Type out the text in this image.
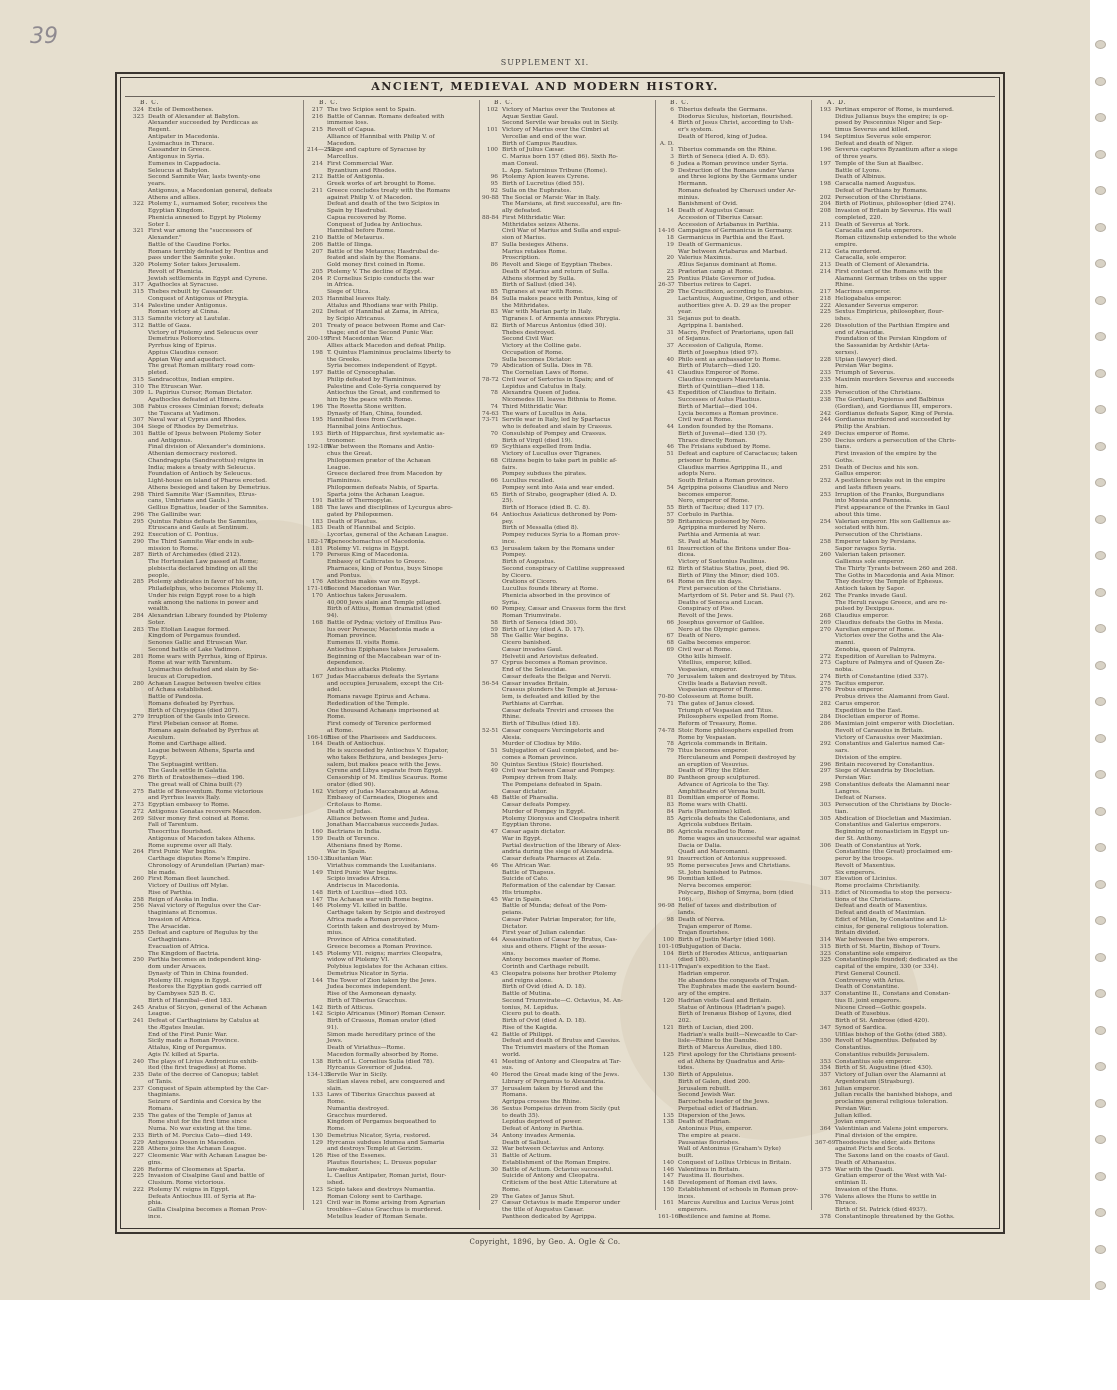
39
SUPPLEMENT XI.
ANCIENT, MEDIEVAL AND MODERN HISTORY.
B. C.
324 Exile of Demosthenes.
323 Death of Alexander at Babylon.
Alexander succeeded by Perdiccas as
Regent.
Antipater in Macedonia.
Lysimachus in Thrace.
Cassander in Greece.
Antigonus in Syria.
Eumenes in Cappadocia.
Seleucus at Babylon.
Second Samnite War, lasts twenty-one
years.
Antigonus, a Macedonian general, defeats
Athens and allies.
322 Ptolemy I., surnamed Soter, receives the
Egyptian Kingdom.
Phenicia annexed to Egypt by Ptolemy
Soter I.
321 First war among the "successors of
Alexander."
Battle of the Caudine Forks.
Romans terribly defeated by Pontius and
pass under the Samnite yoke.
320 Ptolemy Soter takes Jerusalem.
Revolt of Phenicia.
Jewish settlements in Egypt and Cyrene.
317 Agathocles at Syracuse.
315 Thebes rebuilt by Cassander.
Conquest of Antigonus of Phrygia.
314 Palestine under Antigonus.
Roman victory at Cinna.
313 Samnite victory at Lautulæ.
312 Battle of Gaza.
Victory of Ptolemy and Seleucus over
Demetrius Poliorcetes.
Pyrrhus king of Epirus.
Appius Claudius censor.
Appian Way and aqueduct.
The great Roman military road com-
pleted.
315 Sandracottus, Indian empire.
310 The Etruscan War.
309 L. Papirius Cursor, Roman Dictator.
Agathocles defeated at Himera.
308 Fabius crosses Ciminian forest; defeats
the Tuscans at Vadimon.
307 Naval war at Cyprus and Rhodes.
304 Siege of Rhodes by Demetrius.
301 Battle of Ipsus between Ptolemy Soter
and Antigonus.
Final division of Alexander's dominions.
Athenian democracy restored.
Chandragupta (Sandracottus) reigns in
India; makes a treaty with Seleucus.
Foundation of Antioch by Seleucus.
Light-house on island of Pharos erected.
Athens besieged and taken by Demetrius.
298 Third Samnite War (Samnites, Etrus-
cans, Umbrians and Gauls.)
Gellius Egnatius, leader of the Samnites.
296 The Gallinibe war.
295 Quintus Fabius defeats the Samnites,
Etruscans and Gauls at Sentinum.
292 Execution of C. Pontius.
290 The Third Samnite War ends in sub-
mission to Rome.
287 Birth of Archimedes (died 212).
The Hortensian Law passed at Rome;
plebiscita declared binding on all the
people.
285 Ptolemy abdicates in favor of his son,
Philadelphus, who becomes Ptolemy II.
Under his reign Egypt rose to a high
rank among the nations in power and
wealth.
284 Alexandrian Library founded by Ptolemy
Soter.
283 The Etolian League formed.
Kingdom of Pergamus founded.
Senones Gallic and Etruscan War.
Second battle of Lake Vadimon.
281 Rome wars with Pyrrhus, king of Epirus.
Rome at war with Tarentum.
Lysimachus defeated and slain by Se-
leucus at Corupedion.
280 Achæan League between twelve cities
of Achæa established.
Battle of Pandosia.
Romans defeated by Pyrrhus.
Birth of Chrysippus (died 207).
279 Irruption of the Gauls into Greece.
First Plebeian censor at Rome.
Romans again defeated by Pyrrhus at
Asculum.
Rome and Carthage allied.
League between Athens, Sparta and
Egypt.
The Septuagint written.
The Gauls settle in Galatia.
276 Birth of Eratosthenes—died 196.
The great wall of China built (?)
275 Battle of Beneventum. Rome victorious
and Pyrrhus leaves Italy.
273 Egyptian embassy to Rome.
272 Antigonus Gonatas recovers Macedon.
269 Silver money first coined at Rome.
Fall of Tarentum.
Theocritus flourished.
Antigonus of Macedon takes Athens.
Rome supreme over all Italy.
264 First Punic War begins.
Carthage disputes Rome's Empire.
Chronology of Arundelian (Parian) mar-
ble made.
260 First Roman fleet launched.
Victory of Duilius off Mylæ.
Rise of Parthia.
258 Reign of Asoka in India.
256 Naval victory of Regulus over the Car-
thaginians at Ecnomus.
Invasion of Africa.
The Arsacidæ.
255 Defeat and capture of Regulus by the
Carthaginians.
Evacuation of Africa.
The Kingdom of Bactria.
250 Parthia becomes an independent king-
dom under Arsaces.
Dynasty of Thin in China founded.
Ptolemy III. reigns in Egypt.
Restores the Egyptian gods carried off
by Cambyses 525 B. C.
Birth of Hannibal—died 183.
245 Aratus of Sicyon, general of the Achæan
League.
241 Defeat of Carthaginians by Catulus at
the Ægates Insulæ.
End of the First Punic War.
Sicily made a Roman Province.
Attalus, King of Pergamus.
Agis IV. killed at Sparta.
240 The plays of Livius Andronicus exhib-
ited (the first tragedies) at Rome.
235 Date of the decree of Canopus; tablet
of Tanis.
237 Conquest of Spain attempted by the Car-
thaginians.
Seizure of Sardinia and Corsica by the
Romans.
235 The gates of the Temple of Janus at
Rome shut for the first time since
Numa. No war existing at the time.
233 Birth of M. Porcius Cato—died 149.
229 Antigonus Doson in Macedon.
228 Athens joins the Achæan League.
227 Cleomenic War with Achæan League be-
gins.
226 Reforms of Cleomenes at Sparta.
225 Invasion of Cisalpine Gaul and battle of
Clusium. Rome victorious.
222 Ptolemy IV. reigns in Egypt.
Defeats Antiochus III. of Syria at Ra-
phia.
Gallia Cisalpina becomes a Roman Prov-
ince.
B. C.
217 The two Scipios sent to Spain.
216 Battle of Cannæ. Romans defeated with
immense loss.
215 Revolt of Capua.
Alliance of Hannibal with Philip V. of
Macedon.
214—212Siege and capture of Syracuse by
Marcellus.
214 First Commercial War.
Byzantium and Rhodes.
212 Battle of Antigonia.
Greek works of art brought to Rome.
211 Greece concludes treaty with the Romans
against Philip V. of Macedon.
Defeat and death of the two Scipios in
Spain by Hasdrubal.
Capua recovered by Rome.
Conquest of Judea by Antiochus.
Hannibal before Rome.
210 Battle of Metaurus.
206 Battle of Ilinga.
207 Battle of the Metaurus; Hasdrubal de-
feated and slain by the Romans.
Gold money first coined in Rome.
205 Ptolemy V. The decline of Egypt.
204 P. Cornelius Scipio conducts the war
in Africa.
Siege of Utica.
203 Hannibal leaves Italy.
Attalus and Rhodians war with Philip.
202 Defeat of Hannibal at Zama, in Africa,
by Scipio Africanus.
201 Treaty of peace between Rome and Car-
thage; end of the Second Punic War.
200-197First Macedonian War.
Allies attack Macedon and defeat Philip.
198 T. Quintus Flamininus proclaims liberty to
the Greeks.
Syria becomes independent of Egypt.
197 Battle of Cynocephalæ.
Philip defeated by Flamininus.
Palestine and Cole-Syria conquered by
Antiochus the Great, and confirmed to
him by the peace with Rome.
196 The Rosetta Stone written.
Dynasty of Han, China, founded.
195 Hannibal flees from Carthage.
Hannibal joins Antiochus.
193 Birth of Hipparchus, first systematic as-
tronomer.
192-188War between the Romans and Antio-
chus the Great.
Philopœmen prætor of the Achæan
League.
Greece declared free from Macedon by
Flamininus.
Philopœmen defeats Nabis, of Sparta.
Sparta joins the Achæan League.
191 Battle of Thermopylæ.
188 The laws and disciplines of Lycurgus abro-
gated by Philopœmen.
183 Death of Plautus.
183 Death of Hannibal and Scipio.
Lycortas, general of the Achæan League.
182-174Epeneochomachus of Macedonia.
181 Ptolemy VI. reigns in Egypt.
179 Perseus King of Macedonia.
Embassy of Callicrates to Greece.
Pharnaces, king of Pontus, buys Sinope
and Pontus.
176 Antiochus makes war on Egypt.
171-168Second Macedonian War.
170 Antiochus takes Jerusalem.
40,000 Jews slain and Temple pillaged.
Birth of Attius, Roman dramatist (died
94).
168 Battle of Pydna; victory of Emilius Pau-
lus over Perseus; Macedonia made a
Roman province.
Eumenes II. visits Rome.
Antiochus Epiphanes takes Jerusalem.
Beginning of the Maccabean war of in-
dependence.
Antiochus attacks Ptolemy.
167 Judas Maccabæus defeats the Syrians
and occupies Jerusalem, except the Cit-
adel.
Romans ravage Epirus and Achæa.
Rededication of the Temple.
One thousand Achæans imprisoned at
Rome.
First comedy of Terence performed
at Rome.
166-165Rise of the Pharisees and Sadducees.
164 Death of Antiochus.
He is succeeded by Antiochus V. Eupator,
who takes Bethzura, and besieges Jeru-
salem, but makes peace with the Jews.
Cyrene and Libya separate from Egypt.
Censorship of M. Emilius Scaurus. Rome
orator (died 90).
162 Victory of Judas Maccabæus at Adosa.
Embassy of Carneades, Diogenes and
Critolaus to Rome.
Death of Judas.
Alliance between Rome and Judea.
Jonathan Maccabæus succeeds Judas.
160 Bactrians in India.
159 Death of Terence.
Athenians fined by Rome.
War in Spain.
150-138Lusitanian War.
Viriathus commands the Lusitanians.
149 Third Punic War begins.
Scipio invades Africa.
Andriscus in Macedonia.
148 Birth of Lucilius—died 103.
147 The Achæan war with Rome begins.
146 Ptolemy VI. killed in battle.
Carthage taken by Scipio and destroyed
Africa made a Roman province.
Corinth taken and destroyed by Mum-
mius.
Province of Africa constituted.
Greece becomes a Roman Province.
145 Ptolemy VII. reigns; marries Cleopatra,
widow of Ptolemy VI.
Polybius legislates for the Achæan cities.
Demetrius Nicator in Syria.
144 The Tower of Zion taken by the Jews.
Judea becomes independent.
Rise of the Asmonean dynasty.
Birth of Tiberius Gracchus.
142 Birth of Atticus.
142 Scipio Africanus (Minor) Roman Censor.
Birth of Crassus, Roman orator (died
91).
Simon made hereditary prince of the
Jews.
Death of Viriathus—Rome.
Macedon formally absorbed by Rome.
138 Birth of L. Cornelius Sulla (died 78).
Hyrcanus Governor of Judea.
134-132Servile War in Sicily.
Sicilian slaves rebel, are conquered and
slain.
133 Laws of Tiberius Gracchus passed at
Rome.
Numantia destroyed.
Gracchus murdered.
Kingdom of Pergamus bequeathed to
Rome.
130 Demetrius Nicator, Syria, restored.
129 Hyrcanus subdues Idumea and Samaria
and destroys Temple at Gerizim.
126 Rise of the Essenes.
Plautus flourishes; L. Drusus popular
law-maker.
L. Caelius Antipater, Roman jurist, flour-
ished.
123 Scipio takes and destroys Numantia.
Roman Colony sent to Carthage.
121 Civil war in Rome arising from Agrarian
troubles—Caius Gracchus is murdered.
Metellus leader of Roman Senate.
B. C.
102 Victory of Marius over the Teutones at
Aquæ Sextiæ Gaul.
Second Servile war breaks out in Sicily.
101 Victory of Marius over the Cimbri at
Vercellæ and end of the war.
Birth of Campus Raudius.
100 Birth of Julius Cæsar.
C. Marius born 157 (died 86). Sixth Ro-
man Consul.
L. App. Saturninus Tribune (Rome).
96 Ptolemy Apion leaves Cyrene.
95 Birth of Lucretius (died 55).
92 Sulla on the Euphrates.
90-88 The Social or Marsic War in Italy.
The Marsians, at first successful, are fin-
ally defeated.
88-84 First Mithridatic War.
Mithridates seizes Athens.
Civil War of Marius and Sulla and expul-
sion of Marius.
87 Sulla besieges Athens.
Marius retakes Rome.
Proscription.
86 Revolt and Siege of Egyptian Thebes.
Death of Marius and return of Sulla.
Athens stormed by Sulla.
Birth of Sallust (died 34).
85 Tigranes at war with Rome.
84 Sulla makes peace with Pontus, king of
the Mithridates.
83 War with Marian party in Italy.
Tigranes I. of Armenia annexes Phrygia.
82 Birth of Marcus Antonius (died 30).
Thebes destroyed.
Second Civil War.
Victory at the Colline gate.
Occupation of Rome.
Sulla becomes Dictator.
79 Abdication of Sulla. Dies in 78.
The Cornelian Laws of Rome.
78-72 Civil war of Sertorius in Spain; and of
Lepidus and Catulus in Italy.
78 Alexandra Queen of Judea.
Nicomedes III. leaves Bithnia to Rome.
74 Third Mithridatic War.
74-63 The wars of Lucullus in Asia.
73-71 Servile war in Italy, led by Spartacus
who is defeated and slain by Crassus.
70 Consulship of Pompey and Crassus.
Birth of Virgil (died 19).
69 Scythians expelled from India.
Victory of Lucullus over Tigranes.
68 Citizens begin to take part in public af-
fairs.
Pompey subdues the pirates.
66 Lucullus recalled.
Pompey sent into Asia and war ended.
65 Birth of Strabo, geographer (died A. D.
25).
Birth of Horace (died B. C. 8).
64 Antiochus Asiaticus dethroned by Pom-
pey.
Birth of Messalla (died 8).
Pompey reduces Syria to a Roman prov-
ince.
63 Jerusalem taken by the Romans under
Pompey.
Birth of Augustus.
Second conspiracy of Catiline suppressed
by Cicero.
Orations of Cicero.
Lucullus founds library at Rome.
Phenicia absorbed in the province of
Syria.
60 Pompey, Cæsar and Crassus form the first
Roman Triumvirate.
58 Birth of Seneca (died 30).
59 Birth of Livy (died A. D. 17).
58 The Gallic War begins.
Cicero banished.
Cæsar invades Gaul.
Helvetii and Ariovistus defeated.
57 Cyprus becomes a Roman province.
End of the Seleucidæ.
Cæsar defeats the Belgæ and Nervii.
56-54 Cæsar invades Britain.
Crassus plunders the Temple at Jerusa-
lem, is defeated and killed by the
Parthians at Carrhæ.
Cæsar defeats Trevirí and crosses the
Rhine.
Birth of Tibullus (died 18).
52-51 Cæsar conquers Vercingetorix and
Alesia.
Murder of Clodius by Milo.
51 Subjugation of Gaul completed, and be-
comes a Roman province.
50 Quintus Sextius (Stoic) flourished.
49 Civil war between Cæsar and Pompey.
Pompey driven from Italy.
The Pompeians defeated in Spain.
Cæsar dictator.
48 Battle of Pharsalia.
Cæsar defeats Pompey.
Murder of Pompey in Egypt.
Ptolemy Dionysus and Cleopatra inherit
Egyptian throne.
47 Cæsar again dictator.
War in Egypt.
Partial destruction of the library of Alex-
andria during the siege of Alexandria.
Cæsar defeats Pharnaces at Zela.
46 The African War.
Battle of Thapsus.
Suicide of Cato.
Reformation of the calendar by Cæsar.
His triumphs.
45 War in Spain.
Battle of Munda; defeat of the Pom-
peians.
Cæsar Pater Patriæ Imperator, for life,
Dictator.
First year of Julian calendar.
44 Assassination of Cæsar by Brutus, Cas-
sius and others. Flight of the assas-
sins.
Antony becomes master of Rome.
Corinth and Carthage rebuilt.
43 Cleopatra poisons her brother Ptolemy
and reigns alone.
Birth of Ovid (died A. D. 18).
Battle of Mutina.
Second Triumvirate—C. Octavius, M. An-
tonius, M. Lepidus.
Cicero put to death.
Birth of Ovid (died A. D. 18).
Rise of the Kagida.
42 Battle of Philippi.
Defeat and death of Brutus and Cassius.
The Triumviri masters of the Roman
world.
41 Meeting of Antony and Cleopatra at Tar-
sus.
40 Herod the Great made king of the Jews.
Library of Pergamus to Alexandria.
37 Jerusalem taken by Herod and the
Romans.
Agrippa crosses the Rhine.
36 Sextus Pompeius driven from Sicily (put
to death 35).
Lepidus deprived of power.
Defeat of Antony in Parthia.
34 Antony invades Armenia.
Death of Sallust.
32 War between Octavius and Antony.
31 Battle of Actium.
Establishment of the Roman Empire.
30 Battle of Actium. Octavius successful.
Suicide of Antony and Cleopatra.
Criticism of the best Attic Literature at
Rome.
29 The Gates of Janus Shut.
27 Cæsar Octavius is made Emperor under
the title of Augustus Cæsar.
Pantheon dedicated by Agrippa.
B. C.
6 Tiberius defeats the Germans.
Diodorus Siculus, historian, flourished.
4 Birth of Jesus Christ, according to Ush-
er's system.
Death of Herod, king of Judea.
A. D.
1 Tiberius commands on the Rhine.
3 Birth of Seneca (died A. D. 65).
6 Judea a Roman province under Syria.
9 Destruction of the Romans under Varus
and three legions by the Germans under
Hermann.
Romans defeated by Cherusci under Ar-
minius.
Banishment of Ovid.
14 Death of Augustus Cæsar.
Accession of Tiberius Cæsar.
Accession of Artabanus in Parthia.
14-16 Campaigns of Germanicus in Germany.
18 Germanicus in Parthia and the East.
19 Death of Germanicus.
War between Artabarus and Marbad.
20 Valerius Maximus.
Ælius Sejanus dominant at Rome.
23 Prætorian camp at Rome.
25 Pontius Pilate Governor of Judea.
26-37 Tiberius retires to Capri.
29 The Crucifixion, according to Eusebius.
Lactantius, Augustine, Origen, and other
authorities give A. D. 29 as the proper
year.
31 Sejanus put to death.
Agrippina I. banished.
31 Macro, Prefect of Prætorians, upon fall
of Sejanus.
37 Accession of Caligula, Rome.
Birth of Josephus (died 97).
40 Philo sent as ambassador to Rome.
Birth of Plutarch—died 120.
41 Claudius Emperor of Rome.
Claudius conquers Mauretania.
Birth of Quintilian—died 118.
43 Expedition of Claudius to Britain.
Successes of Aulus Plautius.
Birth of Martial—died 104.
Lycia becomes a Roman province.
Civil war at Rome.
44 London founded by the Romans.
Birth of Juvenal—died 130 (?).
Thrace directly Roman.
46 The Frisians subdued by Rome.
51 Defeat and capture of Caractacus; taken
prisoner to Rome.
Claudius marries Agrippina II., and
adopts Nero.
South Britain a Roman province.
54 Agrippina poisons Claudius and Nero
becomes emperor.
Nero, emperor of Rome.
55 Birth of Tacitus; died 117 (?).
57 Corbulo in Parthia.
59 Britannicus poisoned by Nero.
Agrippina murdered by Nero.
Parthia and Armenia at war.
St. Paul at Malta.
61 Insurrection of the Britons under Boa-
dicea.
Victory of Suetonius Paulinus.
62 Birth of Statius Statius, poet, died 96.
Birth of Pliny the Minor; died 105.
64 Rome on fire six days.
First persecution of the Christians.
Martyrdom of St. Peter and St. Paul (?).
Deaths of Seneca and Lucan.
Conspiracy of Piso.
Revolt of the Jews.
66 Josephus governor of Galilee.
Nero at the Olympic games.
67 Death of Nero.
68 Galba becomes emperor.
69 Civil war at Rome.
Otho kills himself.
Vitellius, emperor, killed.
Vespasian, emperor.
70 Jerusalem taken and destroyed by Titus.
Civilis leads a Batavian revolt.
Vespasian emperor of Rome.
70-80 Colosseum at Rome built.
71 The gates of Janus closed.
Triumph of Vespasian and Titus.
Philosophers expelled from Rome.
Reform of Treasury, Rome.
74-78 Stoic Rome philosophers expelled from
Rome by Vespasian.
78 Agricola commands in Britain.
79 Titus becomes emperor.
Herculaneum and Pompeii destroyed by
an eruption of Vesuvius.
Death of Pliny the Elder.
80 Pantheon group sculptured.
Advance of Agricola to the Tay.
Amphitheatre of Verona built.
81 Domitian emperor of Rome.
83 Rome wars with Chatti.
84 Paris (Pantomime) killed.
85 Agricola defeats the Caledonians, and
Agricola subdues Britain.
86 Agricola recalled to Rome.
Rome wages an unsuccessful war against
Dacia or Dalia.
Quadi and Marcomanni.
91 Insurrection of Antonius suppressed.
95 Rome persecutes Jews and Christians.
St. John banished to Patmos.
96 Domitian killed.
Nerva becomes emperor.
Polycarp, Bishop of Smyrna, born (died
166).
96-98 Relief of taxes and distribution of
lands.
98 Death of Nerva.
Trajan emperor of Rome.
Trajan flourishes.
100 Birth of Justin Martyr (died 166).
101-107Subjugation of Dacia.
104 Birth of Herodes Atticus, antiquarian
(died 180).
111-117Trajan's expedition to the East.
Hadrian emperor.
He abandons the conquests of Trajan.
The Euphrates made the eastern bound-
ary of the empire.
120 Hadrian visits Gaul and Britain.
Statue of Antinous (Hadrian's page).
Birth of Irenæus Bishop of Lyons, died
202.
121 Birth of Lucian, died 200.
Hadrian's walls built—Newcastle to Car-
lisle—Rhine to the Danube.
Birth of Marcus Aurelius, died 180.
125 First apology for the Christians present-
ed at Athens by Quadratus and Aris-
tides.
130 Birth of Appuleius.
Birth of Galen, died 200.
Jerusalem rebuilt.
Second Jewish War.
Barcocheba leader of the Jews.
Perpetual edict of Hadrian.
135 Dispersion of the Jews.
138 Death of Hadrian.
Antoninus Pius, emperor.
The empire at peace.
Pausanias flourishes.
Wall of Antoninus (Graham's Dyke)
built.
140 Conquest of Lollius Urbicus in Britain.
146 Valentinus in Britain.
147 Faustina II. flourishes.
148 Development of Roman civil laws.
150 Establishment of schools in Roman prov-
inces.
161 Marcus Aurelius and Lucius Verus joint
emperors.
161-166Pestilence and famine at Rome.
A. D.
193 Pertinax emperor of Rome, is murdered.
Didius Julianus buys the empire; is op-
posed by Pescennius Niger and Sep-
timus Severus and killed.
194 Septimius Severus sole emperor.
Defeat and death of Niger.
196 Severus captures Byzantium after a siege
of three years.
197 Temple of the Sun at Baalbec.
Battle of Lyons.
Death of Albinus.
198 Caracalla named Augustus.
Defeat of Parthians by Romans.
202 Persecution of the Christians.
204 Birth of Plotinus, philosopher (died 274).
208 Invasion of Britain by Severus. His wall
completed, 220.
211 Death of Severus at York.
Caracalla and Geta emperors.
Roman citizenship extended to the whole
empire.
212 Geta murdered.
Caracalla, sole emperor.
213 Death of Clement of Alexandria.
214 First contact of the Romans with the
Alamanni German tribes on the upper
Rhine.
217 Macrinus emperor.
218 Heliogabalus emperor.
222 Alexander Severus emperor.
225 Sextus Empiricus, philosopher, flour-
ishes.
226 Dissolution of the Parthian Empire and
end of Arsacidæ.
Foundation of the Persian Kingdom of
the Sassanidæ by Ardshir (Arta-
xerxes).
228 Ulpian (lawyer) died.
Persian War begins.
233 Triumph of Severus.
235 Maximin murders Severus and succeeds
him.
235 Persecution of the Christians.
238 The Gordiani, Pupienus and Balbinus
(Gordian), and Gordianus III, emperors.
242 Gordianus defeats Sapor, King of Persia.
244 Gordianus murdered and succeeded by
Philip the Arabian.
249 Decius emperor of Rome.
250 Decius orders a persecution of the Chris-
tians.
First invasion of the empire by the
Goths.
251 Death of Decius and his son.
Gallus emperor.
252 A pestilence breaks out in the empire
and lasts fifteen years.
253 Irruption of the Franks, Burgundians
into Mœsia and Pannonia.
First appearance of the Franks in Gaul
about this time.
254 Valerian emperor. His son Gallienus as-
sociated with him.
Persecution of the Christians.
258 Emperor taken by Persians.
Sapor ravages Syria.
260 Valerian taken prisoner.
Gallienus sole emperor.
The Thirty Tyrants between 260 and 268.
The Goths in Macedonia and Asia Minor.
They destroy the Temple of Ephesus.
Antioch taken by Sapor.
262 The Franks invade Gaul.
The Heruli ravage Greece, and are re-
pulsed by Dexippus.
268 Claudius emperor.
269 Claudius defeats the Goths in Mesia.
270 Aurelian emperor of Rome.
Victories over the Goths and the Ala-
manni.
Zenobia, queen of Palmyra.
272 Expedition of Aurelian to Palmyra.
273 Capture of Palmyra and of Queen Ze-
nobia.
274 Birth of Constantine (died 337).
275 Tacitus emperor.
276 Probus emperor.
Probus drives the Alamanni from Gaul.
282 Carus emperor.
Expedition to the East.
284 Diocletian emperor of Rome.
286 Maximian joint emperor with Diocletian.
Revolt of Carausius in Britain.
Victory of Carausius over Maximian.
292 Constantius and Galerius named Cæ-
sars.
Division of the empire.
296 Britain recovered by Constantius.
297 Siege of Alexandria by Diocletian.
Persian War.
298 Constantius defeats the Alamanni near
Langres.
Defeat of Narses.
303 Persecution of the Christians by Diocle-
tian.
305 Abdication of Diocletian and Maximian.
Constantius and Galerius emperors.
Beginning of monasticism in Egypt un-
der St. Anthony.
306 Death of Constantius at York.
Constantine (the Great) proclaimed em-
peror by the troops.
Revolt of Maxentius.
Six emperors.
307 Elevation of Licinius.
Rome proclaims Christianity.
311 Edict of Nicomedia to stop the persecu-
tions of the Christians.
Defeat and death of Maxentius.
Defeat and death of Maximian.
Edict of Milan, by Constantine and Li-
cinius, for general religious toleration.
Britain divided.
314 War between the two emperors.
315 Birth of St. Martin, Bishop of Tours.
323 Constantine sole emperor.
325 Constantinople founded; dedicated as the
capital of the empire, 330 (or 334).
First General Council.
Controversy with Arius.
Death of Constantine.
337 Constantine II., Constans and Constan-
tius II. joint emperors.
Nicene Creed—Gothic gospels.
Death of Eusebius.
Birth of St. Ambrose (died 420).
347 Synod of Sardica.
Ulfilas bishop of the Goths (died 388).
350 Revolt of Magnentius. Defeated by
Constantius.
Constantius rebuilds Jerusalem.
353 Constantius sole emperor.
354 Birth of St. Augustine (died 430).
357 Victory of Julian over the Alamanni at
Argentoratum (Strasburg).
361 Julian emperor.
Julian recalls the banished bishops, and
proclaims general religious toleration.
Persian War.
Julian killed.
Jovian emperor.
364 Valentinian and Valens joint emperors.
Final division of the empire.
367-69Theodosius the elder, aids Britons
against Picts and Scots.
The Saxons land on the coasts of Gaul.
Death of Athanasius.
375 War with the Quadi.
Gratian emperor of the West with Val-
entinian II.
Invasion of the Huns.
376 Valens allows the Huns to settle in
Thrace.
Birth of St. Patrick (died 493?).
378 Constantinople threatened by the Goths.
Copyright, 1896, by Geo. A. Ogle & Co.
